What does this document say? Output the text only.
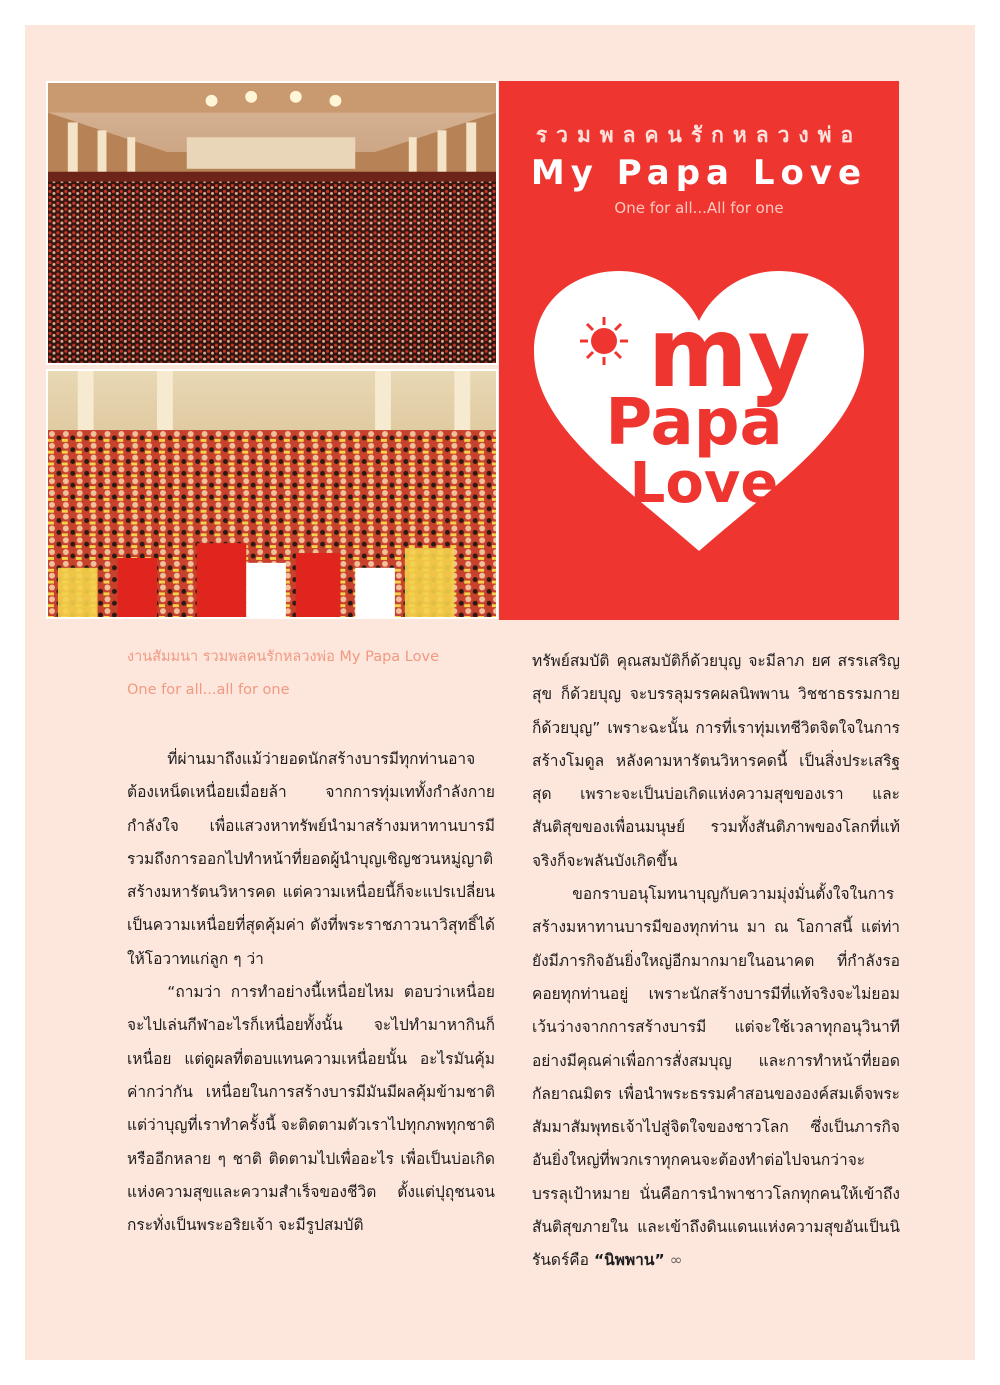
รวมพลคนรักหลวงพ่อ
My Papa Love
One for all...All for one
my
Papa
Love
งานสัมมนา รวมพลคนรักหลวงพ่อ My Papa Love
One for all...all for one

ที่ผ่านมาถึงแม้ว่ายอดนักสร้างบารมีทุกท่านอาจต้องเหน็ดเหนื่อยเมื่อยล้า จากการทุ่มเททั้งกำลังกายกำลังใจ เพื่อแสวงหาทรัพย์นำมาสร้างมหาทานบารมี รวมถึงการออกไปทำหน้าที่ยอดผู้นำบุญเชิญชวนหมู่ญาติสร้างมหารัตนวิหารคด แต่ความเหนื่อยนี้ก็จะแปรเปลี่ยนเป็นความเหนื่อยที่สุดคุ้มค่า ดังที่พระราชภาวนาวิสุทธิ์ได้ให้โอวาทแก่ลูก ๆ ว่า

“ถามว่า การทำอย่างนี้เหนื่อยไหม ตอบว่าเหนื่อย จะไปเล่นกีฬาอะไรก็เหนื่อยทั้งนั้น จะไปทำมาหากินก็เหนื่อย แต่ดูผลที่ตอบแทนความเหนื่อยนั้น อะไรมันคุ้มค่ากว่ากัน เหนื่อยในการสร้างบารมีมันมีผลคุ้มข้ามชาติ แต่ว่าบุญที่เราทำครั้งนี้ จะติดตามตัวเราไปทุกภพทุกชาติ หรืออีกหลาย ๆ ชาติ ติดตามไปเพื่ออะไร เพื่อเป็นบ่อเกิดแห่งความสุขและความสำเร็จของชีวิต ตั้งแต่ปุถุชนจนกระทั่งเป็นพระอริยเจ้า จะมีรูปสมบัติ

ทรัพย์สมบัติ คุณสมบัติก็ด้วยบุญ จะมีลาภ ยศ สรรเสริญ สุข ก็ด้วยบุญ จะบรรลุมรรคผลนิพพาน วิชชาธรรมกาย ก็ด้วยบุญ” เพราะฉะนั้น การที่เราทุ่มเทชีวิตจิตใจในการสร้างโมดูล หลังคามหารัตนวิหารคดนี้ เป็นสิ่งประเสริฐสุด เพราะจะเป็นบ่อเกิดแห่งความสุขของเรา และสันติสุขของเพื่อนมนุษย์ รวมทั้งสันติภาพของโลกที่แท้จริงก็จะพลันบังเกิดขึ้น

ขอกราบอนุโมทนาบุญกับความมุ่งมั่นตั้งใจในการสร้างมหาทานบารมีของทุกท่าน มา ณ โอกาสนี้ แต่ท่ายังมีภารกิจอันยิ่งใหญ่อีกมากมายในอนาคต ที่กำลังรอคอยทุกท่านอยู่ เพราะนักสร้างบารมีที่แท้จริงจะไม่ยอมเว้นว่างจากการสร้างบารมี แต่จะใช้เวลาทุกอนุวินาทีอย่างมีคุณค่าเพื่อการสั่งสมบุญ และการทำหน้าที่ยอดกัลยาณมิตร เพื่อนำพระธรรมคำสอนขององค์สมเด็จพระสัมมาสัมพุทธเจ้าไปสู่จิตใจของชาวโลก ซึ่งเป็นภารกิจอันยิ่งใหญ่ที่พวกเราทุกคนจะต้องทำต่อไปจนกว่าจะบรรลุเป้าหมาย นั่นคือการนำพาชาวโลกทุกคนให้เข้าถึงสันติสุขภายใน และเข้าถึงดินแดนแห่งความสุขอันเป็นนิรันดร์คือ “นิพพาน” ∞
